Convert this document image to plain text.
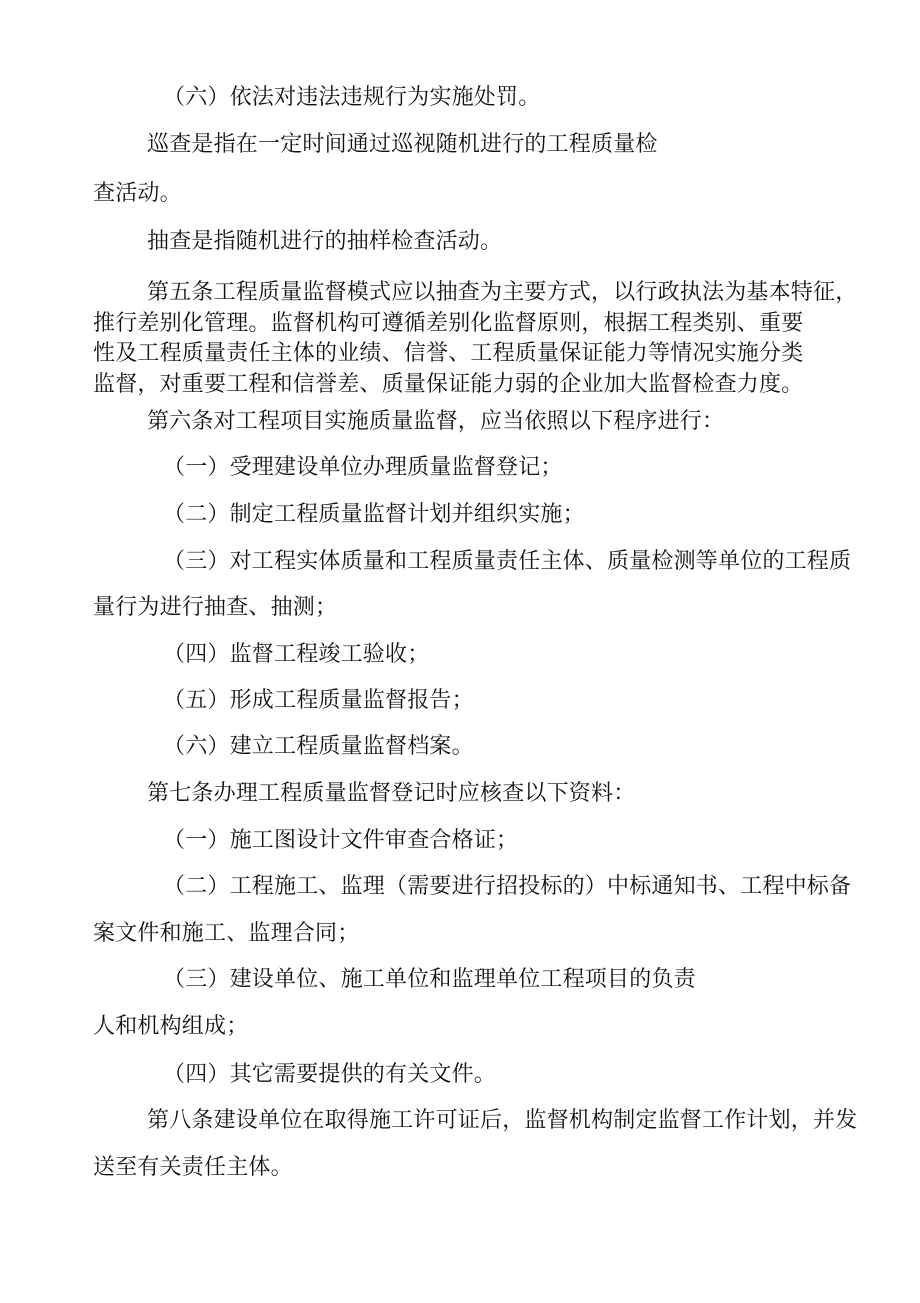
（六）依法对违法违规行为实施处罚。
巡查是指在一定时间通过巡视随机进行的工程质量检
查活动。
抽查是指随机进行的抽样检查活动。
第五条工程质量监督模式应以抽查为主要方式，以行政执法为基本特征，
推行差别化管理。监督机构可遵循差别化监督原则，根据工程类别、重要
性及工程质量责任主体的业绩、信誉、工程质量保证能力等情况实施分类
监督，对重要工程和信誉差、质量保证能力弱的企业加大监督检查力度。
第六条对工程项目实施质量监督，应当依照以下程序进行：
（一）受理建设单位办理质量监督登记；
（二）制定工程质量监督计划并组织实施；
（三）对工程实体质量和工程质量责任主体、质量检测等单位的工程质
量行为进行抽查、抽测；
（四）监督工程竣工验收；
（五）形成工程质量监督报告；
（六）建立工程质量监督档案。
第七条办理工程质量监督登记时应核查以下资料：
（一）施工图设计文件审查合格证；
（二）工程施工、监理（需要进行招投标的）中标通知书、工程中标备
案文件和施工、监理合同；
（三）建设单位、施工单位和监理单位工程项目的负责
人和机构组成；
（四）其它需要提供的有关文件。
第八条建设单位在取得施工许可证后，监督机构制定监督工作计划，并发
送至有关责任主体。
